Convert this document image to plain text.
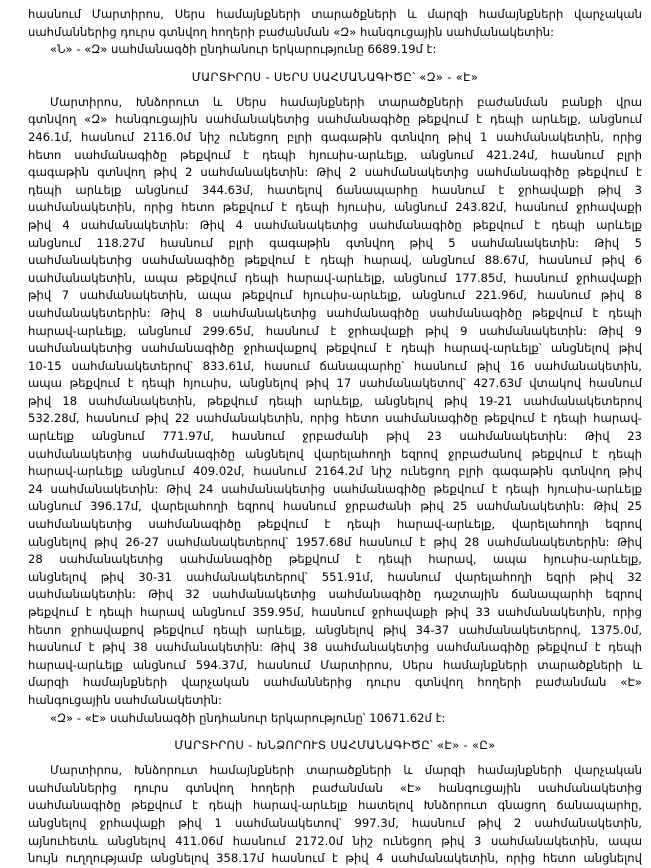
հասնում Մարտիրոս, Սերս համայնքների տարածքների և մարզի համայնքների վարչական
սահմաններից դուրս գտնվող հողերի բաժանման «Զ» հանգուցային սահմանակետին:
«Ն» - «Զ» սահմանագծի ընդհանուր երկարությունը 6689.19մ է:
ՄԱՐՏԻՐՈՍ - ՍԵՐՍ ՍԱՀՄԱՆԱԳԻԾԸ՝ «Զ» - «Է»
Մարտիրոս, Խնձորուտ և Սերս համայնքների տարածքների բաժանման բանքի վրա
գտնվող «Զ» հանգուցային սահմանակետից սահմանագիծը թեքվում է դեպի արևելք, անցնում
246.1մ, հասնում 2116.0մ նիշ ունեցող բլրի գագաթին գտնվող թիվ 1 սահմանակետին, որից
հետո սահմանագիծը թեքվում է դեպի հյուսիս-արևելք, անցնում 421.24մ, հասնում բլրի
գագաթին գտնվող թիվ 2 սահմանակետին: Թիվ 2 սահմանակետից սահմանագիծը թեքվում է
դեպի արևելք անցնում 344.63մ, հատելով ճանապարհը հասնում է ջրհավաքի թիվ 3
սահմանակետին, որից հետո թեքվում է դեպի հյուսիս, անցնում 243.82մ, հասնում ջրհավաքի
թիվ 4 սահմանակետին: Թիվ 4 սահմանակետից սահմանագիծը թեքվում է դեպի արևելք
անցնում 118.27մ հասնում բլրի գագաթին գտնվող թիվ 5 սահմանակետին: Թիվ 5
սահմանակետից սահմանագիծը թեքվում է դեպի հարավ, անցնում 88.67մ, հասնում թիվ 6
սահմանակետին, ապա թեքվում դեպի հարավ-արևելք, անցնում 177.85մ, հասնում ջրհավաքի
թիվ 7 սահմանակետին, ապա թեքվում հյուսիս-արևելք, անցնում 221.96մ, հասնում թիվ 8
սահմանակետերին: Թիվ 8 սահմանակետից սահմանագիծը սահմանագիծը թեքվում է դեպի
հարավ-արևելք, անցնում 299.65մ, հասնում է ջրհավաքի թիվ 9 սահմանակետին: Թիվ 9
սահմանակետից սահմանագիծը ջրհավաքով թեքվում է դեպի հարավ-արևելք՝ անցնելով թիվ
10-15 սահմանակետերով՝ 833.61մ, հասում ճանապարհը՝ հասնում թիվ 16 սահմանակետին,
ապա թեքվում է դեպի հյուսիս, անցնելով թիվ 17 սահմանակետով՝ 427.63մ վտակով հասնում
թիվ 18 սահմանակետին, թեքվում դեպի արևելք, անցնելով թիվ 19-21 սահմանակետերով
532.28մ, հասնում թիվ 22 սահմանակետին, որից հետո սահմանագիծը թեքվում է դեպի հարավ-
արևելք անցնում 771.97մ, հասնում ջրբաժանի թիվ 23 սահմանակետին: Թիվ 23
սահմանակետից սահմանագիծը անցնելով վարելահողի եզրով ջրբաժանով թեքվում է դեպի
հարավ-արևելք անցնում 409.02մ, հասնում 2164.2մ նիշ ունեցող բլրի գագաթին գտնվող թիվ
24 սահմանակետին: Թիվ 24 սահմանակետից սահմանագիծը թեքվում է դեպի հյուսիս-արևելք
անցնում 396.17մ, վարելահողի եզրով հասնում ջրբաժանի թիվ 25 սահմանակետին: Թիվ 25
սահմանակետից սահմանագիծը թեքվում է դեպի հարավ-արևելք, վարելահողի եզրով
անցնելով թիվ 26-27 սահմանակետերով՝ 1957.68մ հասնում է թիվ 28 սահմանակետերին: Թիվ
28 սահմանակետից սահմանագիծը թեքվում է դեպի հարավ, ապա հյուսիս-արևելք,
անցնելով թիվ 30-31 սահմանակետերով՝ 551.91մ, հասնում վարելահողի եզրի թիվ 32
սահմանակետին: Թիվ 32 սահմանակետից սահմանագիծը դաշտային ճանապարհի եզրով
թեքվում է դեպի հարավ անցնում 359.95մ, հասնում ջրհավաքի թիվ 33 սահմանակետին, որից
հետո ջրհավաքով թեքվում դեպի արևելք, անցնելով թիվ 34-37 սահմանակետերով, 1375.0մ,
հասնում է թիվ 38 սահմանակետին: Թիվ 38 սահմանակետից սահմանագիծը թեքվում է դեպի
հարավ-արևելք անցնում 594.37մ, հասնում Մարտիրոս, Սերս համայնքների տարածքների և
մարզի համայնքների վարչական սահմաններից դուրս գտնվող հողերի բաժանման «Է»
հանգուցային սահմանակետին:
«Զ» - «Է» սահմանագծի ընդհանուր երկարությունը՝ 10671.62մ է:
ՄԱՐՏԻՐՈՍ - ԽՆՁՈՐՈՒՏ ՍԱՀՄԱՆԱԳԻԾԸ՝ «Է» - «Ը»
Մարտիրոս, Խնձորուտ համայնքների տարածքների և մարզի համայնքների վարչական
սահմաններից դուրս գտնվող հողերի բաժանման «Է» հանգուցային սահմանակետից
սահմանագիծը թեքվում է դեպի հարավ-արևելք հատելով Խնձորուտ գնացող ճանապարհը,
անցնելով ջրհավաքի թիվ 1 սահմանակետով՝ 997.3մ, հասնում թիվ 2 սահմանակետին,
այնուհետև անցնելով 411.06մ հասնում 2172.0մ նիշ ունեցող թիվ 3 սահմանակետին, ապա
նույն ուղղությամբ անցնելով 358.17մ հասնում է թիվ 4 սահմանակետին, որից հետո անցնելով
